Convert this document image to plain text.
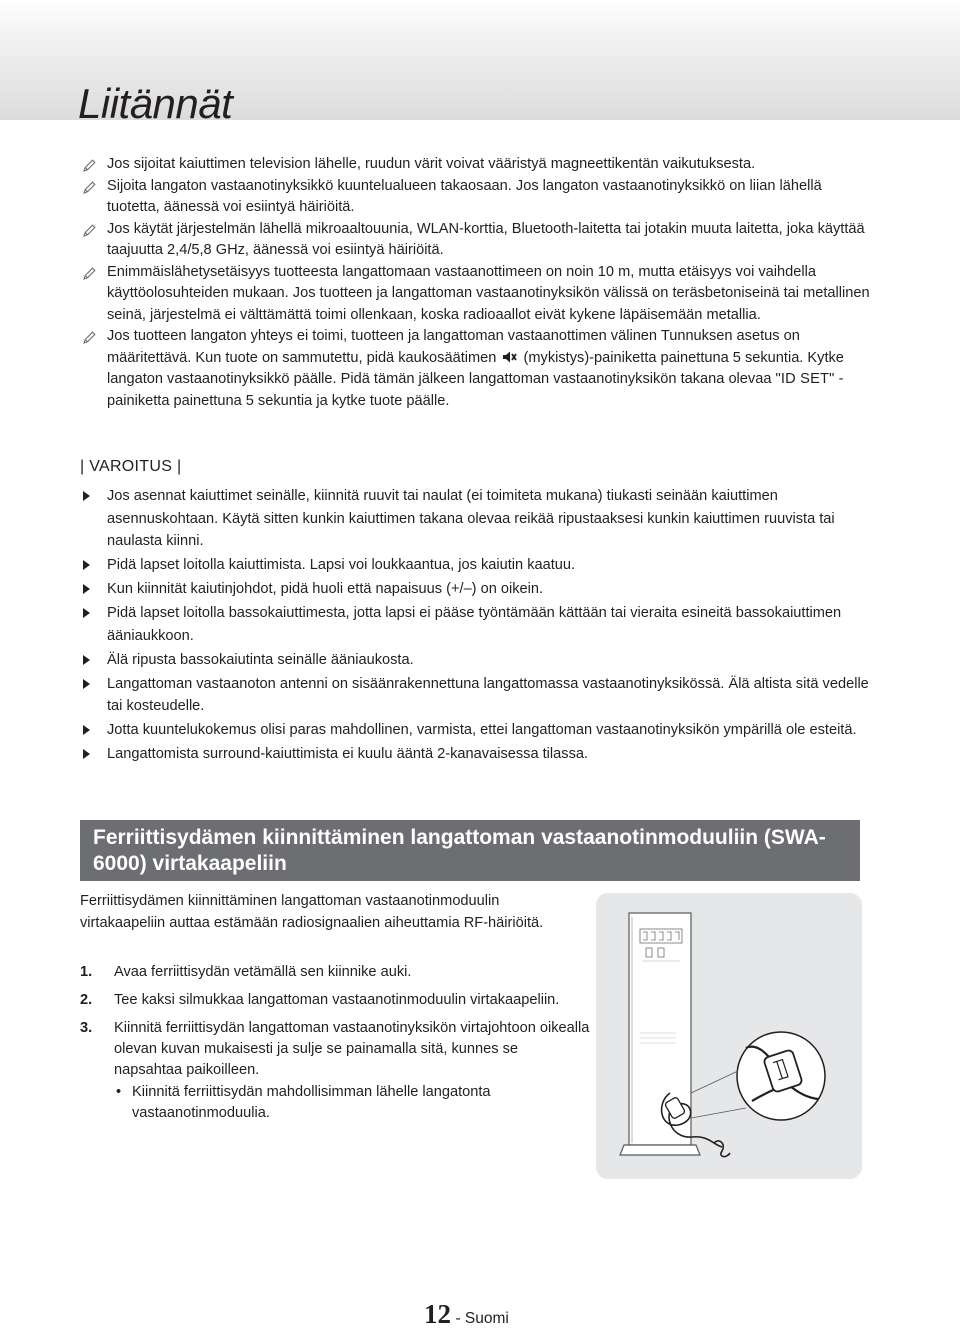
Liitännät
Jos sijoitat kaiuttimen television lähelle, ruudun värit voivat vääristyä magneettikentän vaikutuksesta.
Sijoita langaton vastaanotinyksikkö kuuntelualueen takaosaan. Jos langaton vastaanotinyksikkö on liian lähellä tuotetta, äänessä voi esiintyä häiriöitä.
Jos käytät järjestelmän lähellä mikroaaltouunia, WLAN-korttia, Bluetooth-laitetta tai jotakin muuta laitetta, joka käyttää taajuutta 2,4/5,8 GHz, äänessä voi esiintyä häiriöitä.
Enimmäislähetysetäisyys tuotteesta langattomaan vastaanottimeen on noin 10 m, mutta etäisyys voi vaihdella käyttöolosuhteiden mukaan. Jos tuotteen ja langattoman vastaanotinyksikön välissä on teräsbetoniseinä tai metallinen seinä, järjestelmä ei välttämättä toimi ollenkaan, koska radioaallot eivät kykene läpäisemään metallia.
Jos tuotteen langaton yhteys ei toimi, tuotteen ja langattoman vastaanottimen välinen Tunnuksen asetus on määritettävä. Kun tuote on sammutettu, pidä kaukosäätimen (mykistys)-painiketta painettuna 5 sekuntia. Kytke langaton vastaanotinyksikkö päälle. Pidä tämän jälkeen langattoman vastaanotinyksikön takana olevaa "ID SET" -painiketta painettuna 5 sekuntia ja kytke tuote päälle.
| VAROITUS |
Jos asennat kaiuttimet seinälle, kiinnitä ruuvit tai naulat (ei toimiteta mukana) tiukasti seinään kaiuttimen asennuskohtaan. Käytä sitten kunkin kaiuttimen takana olevaa reikää ripustaaksesi kunkin kaiuttimen ruuvista tai naulasta kiinni.
Pidä lapset loitolla kaiuttimista. Lapsi voi loukkaantua, jos kaiutin kaatuu.
Kun kiinnität kaiutinjohdot, pidä huoli että napaisuus (+/–) on oikein.
Pidä lapset loitolla bassokaiuttimesta, jotta lapsi ei pääse työntämään kättään tai vieraita esineitä bassokaiuttimen ääniaukkoon.
Älä ripusta bassokaiutinta seinälle ääniaukosta.
Langattoman vastaanoton antenni on sisäänrakennettuna langattomassa vastaanotinyksikössä. Älä altista sitä vedelle tai kosteudelle.
Jotta kuuntelukokemus olisi paras mahdollinen, varmista, ettei langattoman vastaanotinyksikön ympärillä ole esteitä.
Langattomista surround-kaiuttimista ei kuulu ääntä 2-kanavaisessa tilassa.
Ferriittisydämen kiinnittäminen langattoman vastaanotinmoduuliin (SWA-6000) virtakaapeliin
Ferriittisydämen kiinnittäminen langattoman vastaanotinmoduulin virtakaapeliin auttaa estämään radiosignaalien aiheuttamia RF-häiriöitä.
1. Avaa ferriittisydän vetämällä sen kiinnike auki.
2. Tee kaksi silmukkaa langattoman vastaanotinmoduulin virtakaapeliin.
3. Kiinnitä ferriittisydän langattoman vastaanotinyksikön virtajohtoon oikealla olevan kuvan mukaisesti ja sulje se painamalla sitä, kunnes se napsahtaa paikoilleen.
• Kiinnitä ferriittisydän mahdollisimman lähelle langatonta vastaanotinmoduulia.
12 - Suomi
